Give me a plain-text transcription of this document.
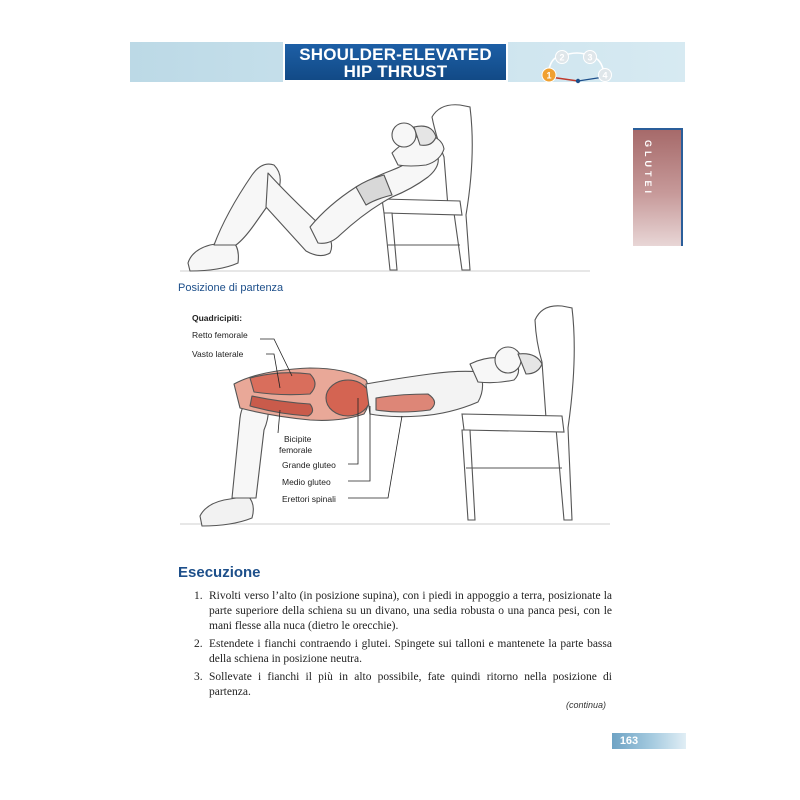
SHOULDER-ELEVATED
HIP THRUST
2	3
1	4
GLUTEI
Posizione di partenza
Quadricipiti:
Retto femorale
Vasto laterale
Bicipite
femorale
Grande gluteo
Medio gluteo
Erettori spinali
Esecuzione
1. Rivolti verso l’alto (in posizione supina), con i piedi in appoggio a terra, posizionate la parte superiore della schiena su un divano, una sedia robusta o una panca pesi, con le mani flesse alla nuca (dietro le orecchie).
2. Estendete i fianchi contraendo i glutei. Spingete sui talloni e mantenete la parte bassa della schiena in posizione neutra.
3. Sollevate i fianchi il più in alto possibile, fate quindi ritorno nella posizione di partenza.
(continua)
163
